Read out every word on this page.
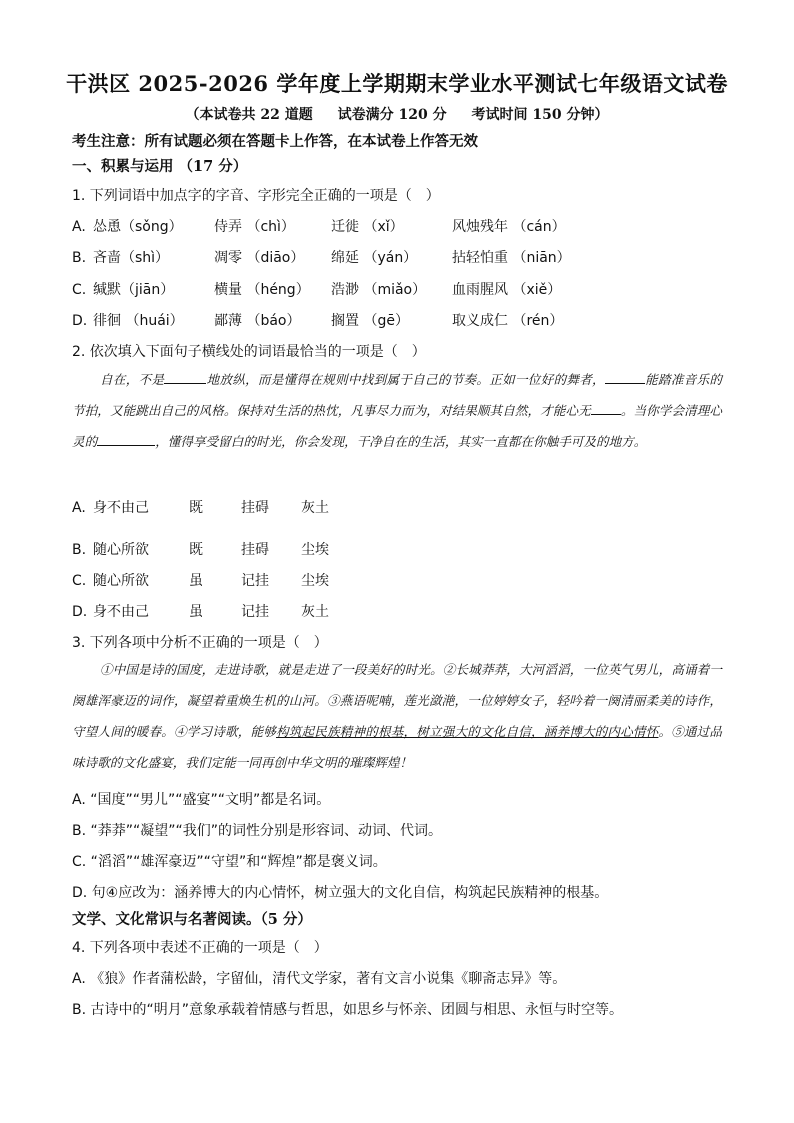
干洪区 2025-2026 学年度上学期期末学业水平测试七年级语文试卷
（本试卷共 22 道题 试卷满分 120 分 考试时间 150 分钟）
考生注意：所有试题必须在答题卡上作答，在本试卷上作答无效
一、积累与运用 （17 分）
1. 下列词语中加点字的字音、字形完全正确的一项是（　）
A. 怂恿（sǒng） 侍弄 （chì）	迁徙 （xǐ）	风烛残年 （cán）
B. 吝啬（shì）	凋零 （diāo） 绵延 （yán） 拈轻怕重 （niān）
C. 缄默（jiān）	横量 （héng） 浩渺 （miǎo） 血雨腥风 （xiě）
D. 徘徊 （huái） 鄙薄 （báo） 搁置 （gē）	取义成仁 （rén）
2. 依次填入下面句子横线处的词语最恰当的一项是（　）
自在，不是	地放纵，而是懂得在规则中找到属于自己的节奏。正如一位好的舞者，	能踏准音乐的节拍，又能跳出自己的风格。保持对生活的热忱，凡事尽力而为，对结果顺其自然，才能心无 。当你学会清理心灵的	，懂得享受留白的时光，你会发现，干净自在的生活，其实一直都在你触手可及的地方。
A. 身不由己	既	挂碍 灰土
B. 随心所欲	既	挂碍 尘埃
C. 随心所欲	虽	记挂 尘埃
D. 身不由己	虽	记挂 灰土
3. 下列各项中分析不正确的一项是（　）
①中国是诗的国度，走进诗歌，就是走进了一段美好的时光。②长城莽莽，大河滔滔，一位英气男儿，高诵着一阕雄浑豪迈的词作，凝望着重焕生机的山河。③燕语呢喃，莲光潋滟，一位婷婷女子，轻吟着一阕清丽柔美的诗作，守望人间的暖春。④学习诗歌，能够构筑起民族精神的根基，树立强大的文化自信，涵养博大的内心情怀。⑤通过品味诗歌的文化盛宴，我们定能一同再创中华文明的璀璨辉煌！
A. “国度”“男儿”“盛宴”“文明”都是名词。
B. “莽莽”“凝望”“我们”的词性分别是形容词、动词、代词。
C. “滔滔”“雄浑豪迈”“守望”和“辉煌”都是褒义词。
D. 句④应改为：涵养博大的内心情怀，树立强大的文化自信，构筑起民族精神的根基。
文学、文化常识与名著阅读。（5 分）
4. 下列各项中表述不正确的一项是（　）
A. 《狼》作者蒲松龄，字留仙，清代文学家，著有文言小说集《聊斋志异》等。
B. 古诗中的“明月”意象承载着情感与哲思，如思乡与怀亲、团圆与相思、永恒与时空等。
